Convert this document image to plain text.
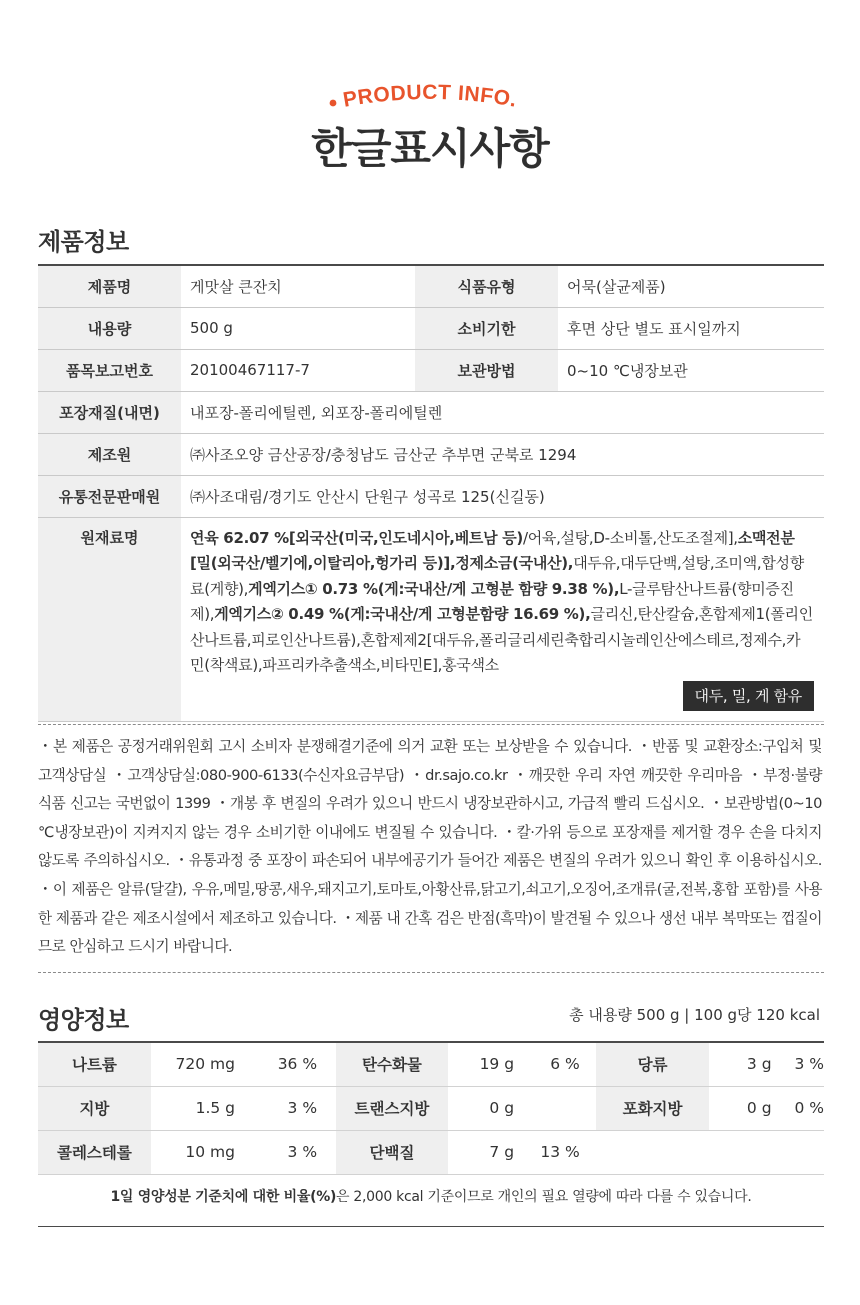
PRODUCT INFO.
한글표시사항
제품정보
제품명	게맛살 큰잔치	식품유형	어묵(살균제품)
내용량	500 g	소비기한	후면 상단 별도 표시일까지
품목보고번호	20100467117-7	보관방법	0~10 ℃냉장보관
포장재질(내면)	내포장-폴리에틸렌, 외포장-폴리에틸렌		
제조원	㈜사조오양 금산공장/충청남도 금산군 추부면 군북로 1294		
유통전문판매원	㈜사조대림/경기도 안산시 단원구 성곡로 125(신길동)		
원재료명	연육 62.07 %[외국산(미국,인도네시아,베트남 등)/어육,설탕,D-소비톨,산도조절제],소맥전분[밀(외국산/벨기에,이탈리아,헝가리 등)],정제소금(국내산),대두유,대두단백,설탕,조미액,합성향료(게향),게엑기스① 0.73 %(게:국내산/게 고형분 함량 9.38 %),L-글루탐산나트륨(향미증진제),게엑기스② 0.49 %(게:국내산/게 고형분함량 16.69 %),글리신,탄산칼슘,혼합제제1(폴리인산나트륨,피로인산나트륨),혼합제제2[대두유,폴리글리세린축합리시놀레인산에스테르,정제수,카민(착색료),파프리카추출색소,비타민E],홍국색소
대두, 밀, 게 함유		
・본 제품은 공정거래위원회 고시 소비자 분쟁해결기준에 의거 교환 또는 보상받을 수 있습니다. ・반품 및 교환장소:구입처 및 고객상담실 ・고객상담실:080-900-6133(수신자요금부담) ・dr.sajo.co.kr ・깨끗한 우리 자연 깨끗한 우리마음 ・부정·불량 식품 신고는 국번없이 1399 ・개봉 후 변질의 우려가 있으니 반드시 냉장보관하시고, 가급적 빨리 드십시오. ・보관방법(0~10 ℃냉장보관)이 지켜지지 않는 경우 소비기한 이내에도 변질될 수 있습니다. ・칼·가위 등으로 포장재를 제거할 경우 손을 다치지 않도록 주의하십시오. ・유통과정 중 포장이 파손되어 내부에공기가 들어간 제품은 변질의 우려가 있으니 확인 후 이용하십시오. ・이 제품은 알류(달걀), 우유,메밀,땅콩,새우,돼지고기,토마토,아황산류,닭고기,쇠고기,오징어,조개류(굴,전복,홍합 포함)를 사용한 제품과 같은 제조시설에서 제조하고 있습니다. ・제품 내 간혹 검은 반점(흑막)이 발견될 수 있으나 생선 내부 복막또는 껍질이므로 안심하고 드시기 바랍니다.
영양정보	총 내용량 500 g | 100 g당 120 kcal
나트륨	720 mg	36 %		탄수화물	19 g	6 %		당류	3 g	3 %
지방	1.5 g	3 %		트랜스지방	0 g			포화지방	0 g	0 %
콜레스테롤	10 mg	3 %		단백질	7 g	13 %				
1일 영양성분 기준치에 대한 비율(%)은 2,000 kcal 기준이므로 개인의 필요 열량에 따라 다를 수 있습니다.
